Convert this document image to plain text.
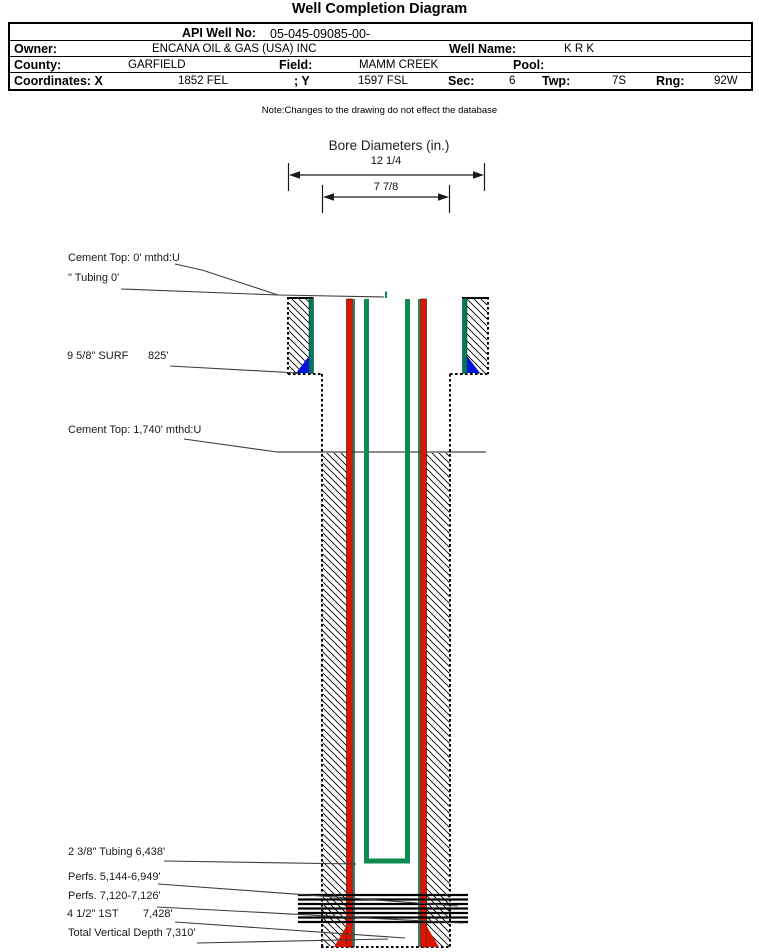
Well Completion Diagram
API Well No: 05-045-09085-00-
Owner:	ENCANA OIL & GAS (USA) INC	Well Name:	K R K
County:	GARFIELD	Field:	MAMM CREEK	Pool:
Coordinates: X	1852 FEL	; Y	1597 FSL	Sec:	6 Twp:	7S Rng:	92W
Note:Changes to the drawing do not effect the database
Bore Diameters (in.)
12 1/4
7 7/8
Cement Top: 0' mthd:U
" Tubing 0'
9 5/8" SURF 825'
Cement Top: 1,740' mthd:U
2 3/8" Tubing 6,438'
Perfs. 5,144-6,949'
Perfs. 7,120-7,126'
4 1/2" 1ST 7,428'
Total Vertical Depth 7,310'
